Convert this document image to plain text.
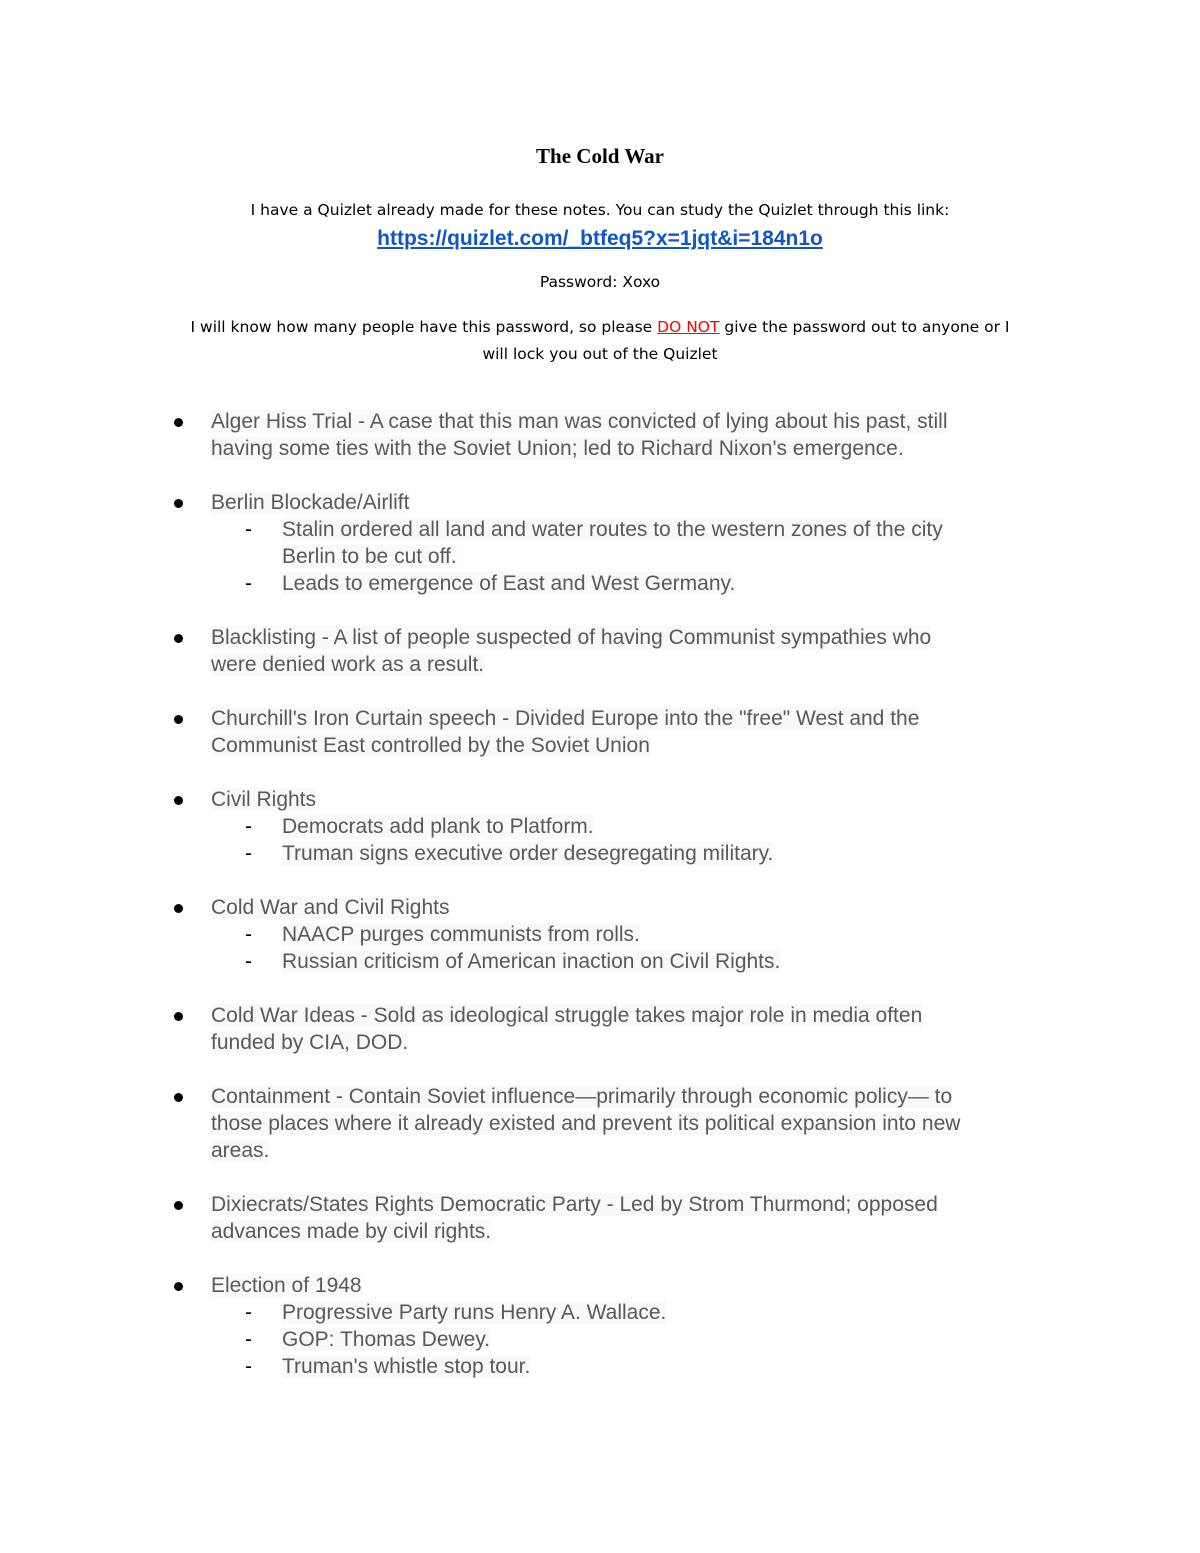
The Cold War
I have a Quizlet already made for these notes. You can study the Quizlet through this link:
https://quizlet.com/_btfeq5?x=1jqt&i=184n1o
Password: Xoxo
I will know how many people have this password, so please DO NOT give the password out to anyone or I
will lock you out of the Quizlet
Alger Hiss Trial - A case that this man was convicted of lying about his past, still
having some ties with the Soviet Union; led to Richard Nixon's emergence.
Berlin Blockade/Airlift
- Stalin ordered all land and water routes to the western zones of the city
Berlin to be cut off.
- Leads to emergence of East and West Germany.
Blacklisting - A list of people suspected of having Communist sympathies who
were denied work as a result.
Churchill's Iron Curtain speech - Divided Europe into the "free" West and the
Communist East controlled by the Soviet Union
Civil Rights
- Democrats add plank to Platform.
- Truman signs executive order desegregating military.
Cold War and Civil Rights
- NAACP purges communists from rolls.
- Russian criticism of American inaction on Civil Rights.
Cold War Ideas - Sold as ideological struggle takes major role in media often
funded by CIA, DOD.
Containment - Contain Soviet influence—primarily through economic policy— to
those places where it already existed and prevent its political expansion into new
areas.
Dixiecrats/States Rights Democratic Party - Led by Strom Thurmond; opposed
advances made by civil rights.
Election of 1948
- Progressive Party runs Henry A. Wallace.
- GOP: Thomas Dewey.
- Truman's whistle stop tour.
